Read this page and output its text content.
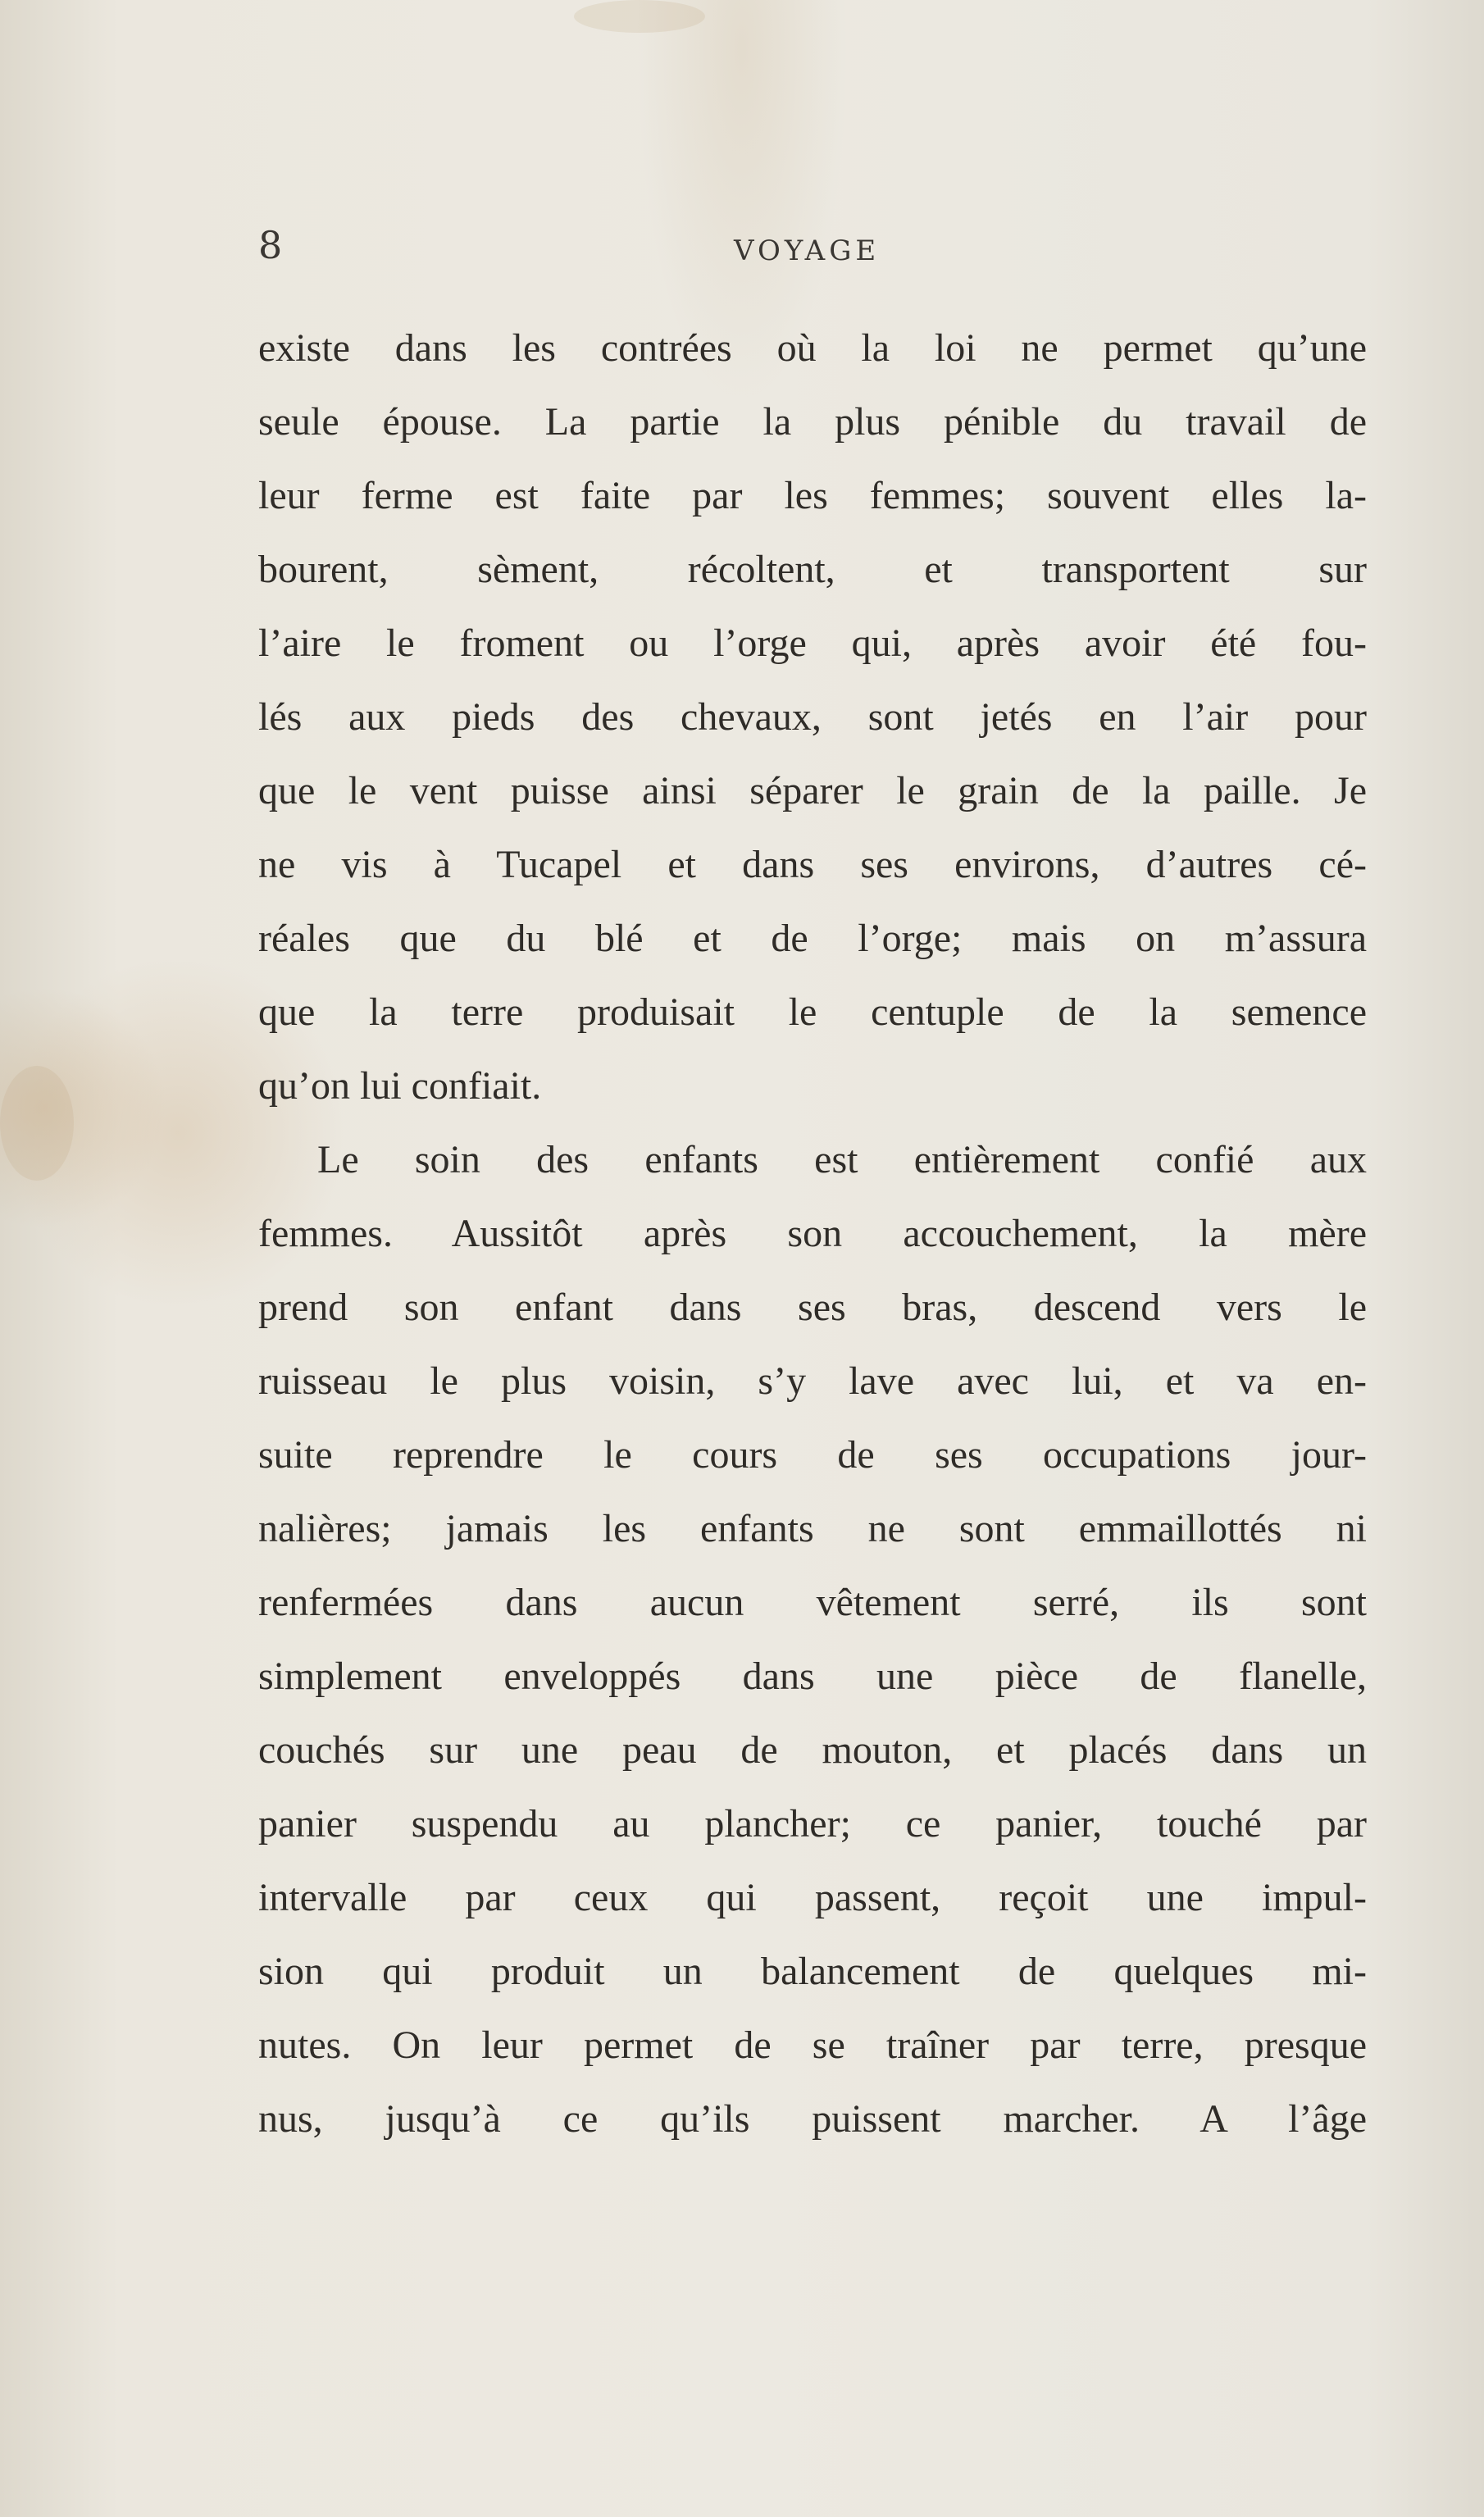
8	VOYAGE
existe dans les contrées où la loi ne permet qu’une
seule épouse. La partie la plus pénible du travail de
leur ferme est faite par les femmes; souvent elles la-
bourent, sèment, récoltent, et transportent sur
l’aire le froment ou l’orge qui, après avoir été fou-
lés aux pieds des chevaux, sont jetés en l’air pour
que le vent puisse ainsi séparer le grain de la paille. Je
ne vis à Tucapel et dans ses environs, d’autres cé-
réales que du blé et de l’orge; mais on m’assura
que la terre produisait le centuple de la semence
qu’on lui confiait.
Le soin des enfants est entièrement confié aux
femmes. Aussitôt après son accouchement, la mère
prend son enfant dans ses bras, descend vers le
ruisseau le plus voisin, s’y lave avec lui, et va en-
suite reprendre le cours de ses occupations jour-
nalières; jamais les enfants ne sont emmaillottés ni
renfermées dans aucun vêtement serré, ils sont
simplement enveloppés dans une pièce de flanelle,
couchés sur une peau de mouton, et placés dans un
panier suspendu au plancher; ce panier, touché par
intervalle par ceux qui passent, reçoit une impul-
sion qui produit un balancement de quelques mi-
nutes. On leur permet de se traîner par terre, presque
nus, jusqu’à ce qu’ils puissent marcher. A l’âge
